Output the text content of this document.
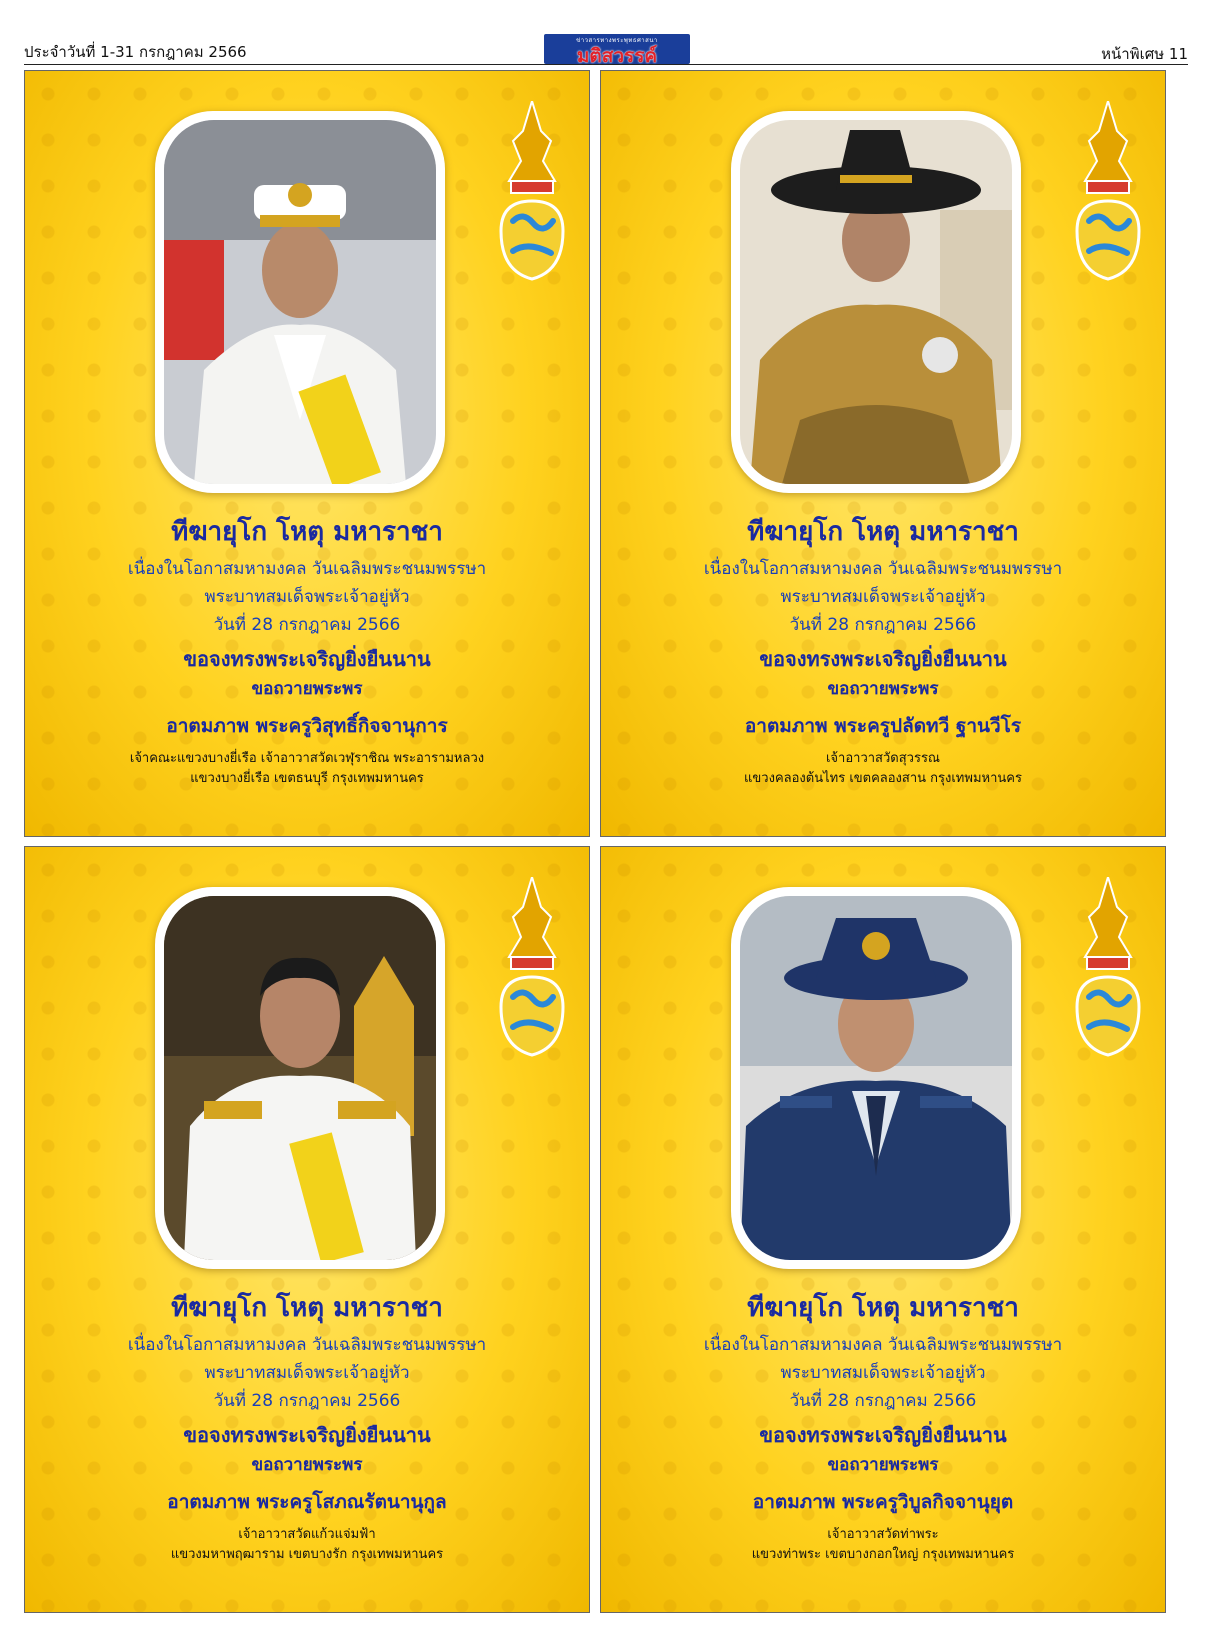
ประจำวันที่ 1-31 กรกฎาคม 2566
ข่าวสารทางพระพุทธศาสนา
มติสวรรค์	หน้าพิเศษ 11
ทีฆายุโก โหตุ มหาราชา
เนื่องในโอกาสมหามงคล วันเฉลิมพระชนมพรรษา
พระบาทสมเด็จพระเจ้าอยู่หัว
วันที่ 28 กรกฎาคม 2566
ขอจงทรงพระเจริญยิ่งยืนนาน
ขอถวายพระพร
อาตมภาพ พระครูวิสุทธิ์กิจจานุการ
เจ้าคณะแขวงบางยี่เรือ เจ้าอาวาสวัดเวฬุราชิณ พระอารามหลวง
แขวงบางยี่เรือ เขตธนบุรี กรุงเทพมหานคร
ทีฆายุโก โหตุ มหาราชา
เนื่องในโอกาสมหามงคล วันเฉลิมพระชนมพรรษา
พระบาทสมเด็จพระเจ้าอยู่หัว
วันที่ 28 กรกฎาคม 2566
ขอจงทรงพระเจริญยิ่งยืนนาน
ขอถวายพระพร
อาตมภาพ พระครูปลัดทวี ฐานวีโร
เจ้าอาวาสวัดสุวรรณ
แขวงคลองต้นไทร เขตคลองสาน กรุงเทพมหานคร
ทีฆายุโก โหตุ มหาราชา
เนื่องในโอกาสมหามงคล วันเฉลิมพระชนมพรรษา
พระบาทสมเด็จพระเจ้าอยู่หัว
วันที่ 28 กรกฎาคม 2566
ขอจงทรงพระเจริญยิ่งยืนนาน
ขอถวายพระพร
อาตมภาพ พระครูโสภณรัตนานุกูล
เจ้าอาวาสวัดแก้วแจ่มฟ้า
แขวงมหาพฤฒาราม เขตบางรัก กรุงเทพมหานคร
ทีฆายุโก โหตุ มหาราชา
เนื่องในโอกาสมหามงคล วันเฉลิมพระชนมพรรษา
พระบาทสมเด็จพระเจ้าอยู่หัว
วันที่ 28 กรกฎาคม 2566
ขอจงทรงพระเจริญยิ่งยืนนาน
ขอถวายพระพร
อาตมภาพ พระครูวิบูลกิจจานุยุต
เจ้าอาวาสวัดท่าพระ
แขวงท่าพระ เขตบางกอกใหญ่ กรุงเทพมหานคร
